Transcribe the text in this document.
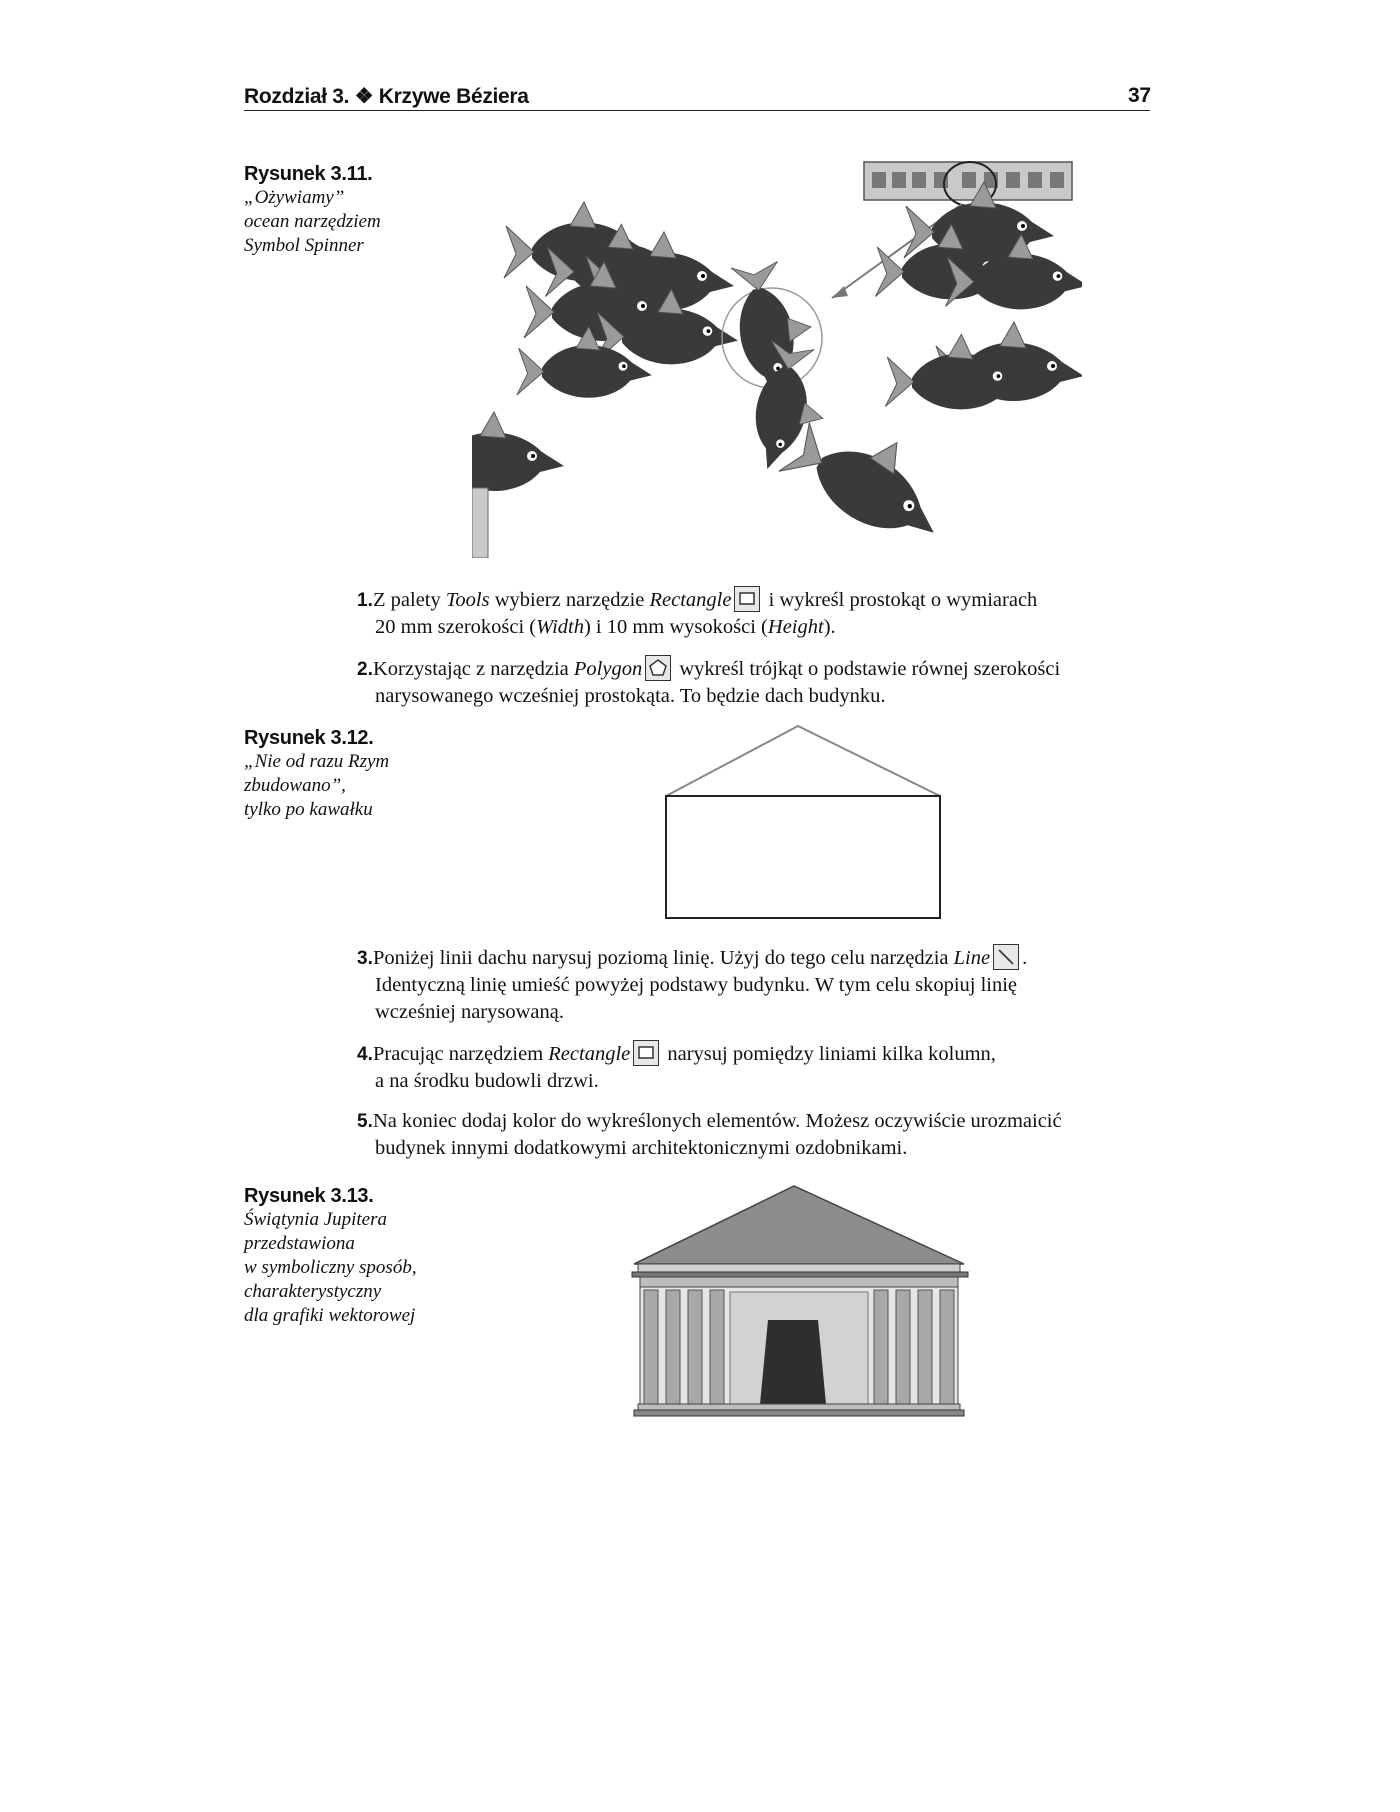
Rozdział 3. ❖ Krzywe Béziera	37
Rysunek 3.11.
„Ożywiamy”
ocean narzędziem
Symbol Spinner
1.Z palety Tools wybierz narzędzie Rectangle
i wykreśl prostokąt o wymiarach
20 mm szerokości (Width) i 10 mm wysokości (Height).
2.Korzystając z narzędzia Polygon
wykreśl trójkąt o podstawie równej szerokości
narysowanego wcześniej prostokąta. To będzie dach budynku.
Rysunek 3.12.
„Nie od razu Rzym
zbudowano”,
tylko po kawałku
3.Poniżej linii dachu narysuj poziomą linię. Użyj do tego celu narzędzia Line .
Identyczną linię umieść powyżej podstawy budynku. W tym celu skopiuj linię
wcześniej narysowaną.
4.Pracując narzędziem Rectangle
narysuj pomiędzy liniami kilka kolumn,
a na środku budowli drzwi.
5.Na koniec dodaj kolor do wykreślonych elementów. Możesz oczywiście urozmaicić
budynek innymi dodatkowymi architektonicznymi ozdobnikami.
Rysunek 3.13.
Świątynia Jupitera
przedstawiona
w symboliczny sposób,
charakterystyczny
dla grafiki wektorowej
